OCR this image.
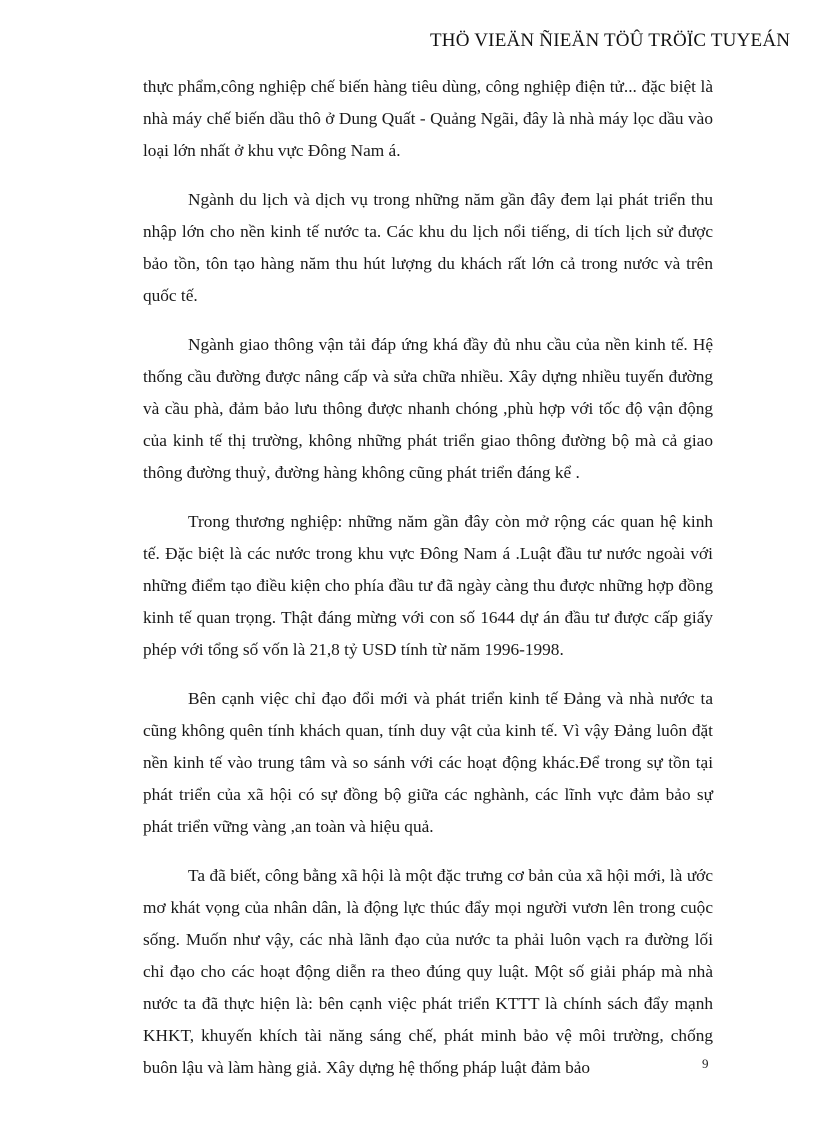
THÖ VIEÄN ÑIEÄN TÖÛ TRÖÏC TUYEÁN

thực phẩm,công nghiệp chế biến hàng tiêu dùng, công nghiệp điện tử... đặc biệt là nhà máy chế biến dầu thô ở Dung Quất - Quảng Ngãi, đây là nhà máy lọc dầu vào loại lớn nhất ở khu vực Đông Nam á.

Ngành du lịch và dịch vụ trong những năm gần đây đem lại phát triển thu nhập lớn cho nền kinh tế nước ta. Các khu du lịch nổi tiếng, di tích lịch sử được bảo tồn, tôn tạo hàng năm thu hút lượng du khách rất lớn cả trong nước và trên quốc tế.

Ngành giao thông vận tải đáp ứng khá đầy đủ nhu cầu của nền kinh tế. Hệ thống cầu đường được nâng cấp và sửa chữa nhiều. Xây dựng nhiều tuyến đường và cầu phà, đảm bảo lưu thông được nhanh chóng ,phù hợp với tốc độ vận động của kinh tế thị trường, không những phát triển giao thông đường bộ mà cả giao thông đường thuỷ, đường hàng không cũng phát triển đáng kể .

Trong thương nghiệp: những năm gần đây còn mở rộng các quan hệ kinh tế. Đặc biệt là các nước trong khu vực Đông Nam á .Luật đầu tư nước ngoài với những điểm tạo điều kiện cho phía đầu tư đã ngày càng thu được những hợp đồng kinh tế quan trọng. Thật đáng mừng với con số 1644 dự án đầu tư được cấp giấy phép với tổng số vốn là 21,8 tỷ USD tính từ năm 1996-1998.

Bên cạnh việc chỉ đạo đổi mới và phát triển kinh tế Đảng và nhà nước ta cũng không quên tính khách quan, tính duy vật của kinh tế. Vì vậy Đảng luôn đặt nền kinh tế vào trung tâm và so sánh với các hoạt động khác.Để trong sự tồn tại phát triển của xã hội có sự đồng bộ giữa các nghành, các lĩnh vực đảm bảo sự phát triển vững vàng ,an toàn và hiệu quả.

Ta đã biết, công bằng xã hội là một đặc trưng cơ bản của xã hội mới, là ước mơ khát vọng của nhân dân, là động lực thúc đẩy mọi người vươn lên trong cuộc sống. Muốn như vậy, các nhà lãnh đạo của nước ta phải luôn vạch ra đường lối chỉ đạo cho các hoạt động diễn ra theo đúng quy luật. Một số giải pháp mà nhà nước ta đã thực hiện là: bên cạnh việc phát triển KTTT là chính sách đẩy mạnh KHKT, khuyến khích tài năng sáng chế, phát minh bảo vệ môi trường, chống buôn lậu và làm hàng giả. Xây dựng hệ thống pháp luật đảm bảo	9
